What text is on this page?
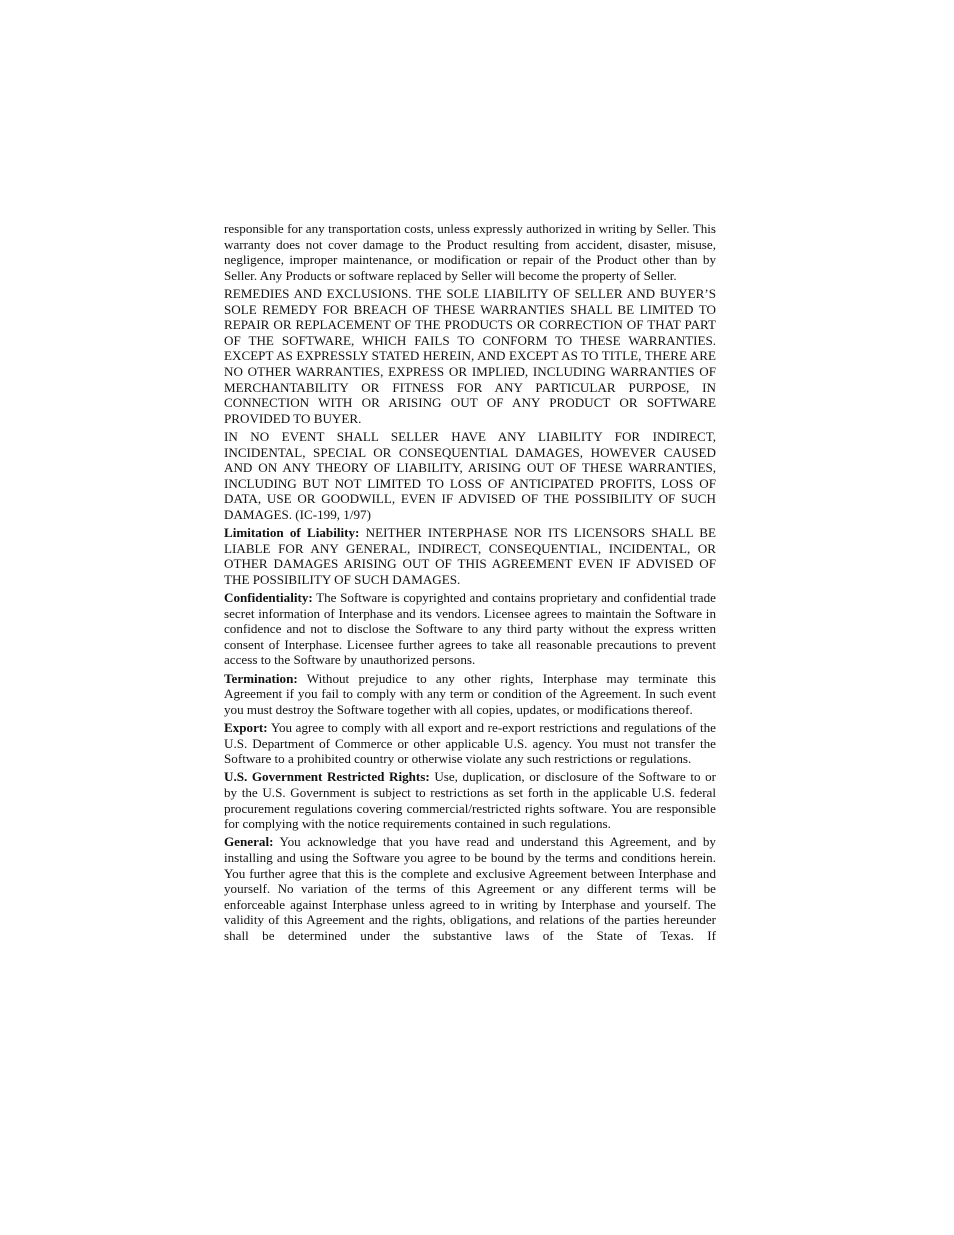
responsible for any transportation costs, unless expressly authorized in writing by Seller. This warranty does not cover damage to the Product resulting from accident, disaster, misuse, negligence, improper maintenance, or modification or repair of the Product other than by Seller. Any Products or software replaced by Seller will become the property of Seller.

REMEDIES AND EXCLUSIONS. THE SOLE LIABILITY OF SELLER AND BUYER’S SOLE REMEDY FOR BREACH OF THESE WARRANTIES SHALL BE LIMITED TO REPAIR OR REPLACEMENT OF THE PRODUCTS OR CORRECTION OF THAT PART OF THE SOFTWARE, WHICH FAILS TO CONFORM TO THESE WARRANTIES. EXCEPT AS EXPRESSLY STATED HEREIN, AND EXCEPT AS TO TITLE, THERE ARE NO OTHER WARRANTIES, EXPRESS OR IMPLIED, INCLUDING WARRANTIES OF MERCHANTABILITY OR FITNESS FOR ANY PARTICULAR PURPOSE, IN CONNECTION WITH OR ARISING OUT OF ANY PRODUCT OR SOFTWARE PROVIDED TO BUYER.

IN NO EVENT SHALL SELLER HAVE ANY LIABILITY FOR INDIRECT, INCIDENTAL, SPECIAL OR CONSEQUENTIAL DAMAGES, HOWEVER CAUSED AND ON ANY THEORY OF LIABILITY, ARISING OUT OF THESE WARRANTIES, INCLUDING BUT NOT LIMITED TO LOSS OF ANTICIPATED PROFITS, LOSS OF DATA, USE OR GOODWILL, EVEN IF ADVISED OF THE POSSIBILITY OF SUCH DAMAGES. (IC-199, 1/97)

Limitation of Liability: NEITHER INTERPHASE NOR ITS LICENSORS SHALL BE LIABLE FOR ANY GENERAL, INDIRECT, CONSEQUENTIAL, INCIDENTAL, OR OTHER DAMAGES ARISING OUT OF THIS AGREEMENT EVEN IF ADVISED OF THE POSSIBILITY OF SUCH DAMAGES.

Confidentiality: The Software is copyrighted and contains proprietary and confidential trade secret information of Interphase and its vendors. Licensee agrees to maintain the Software in confidence and not to disclose the Software to any third party without the express written consent of Interphase. Licensee further agrees to take all reasonable precautions to prevent access to the Software by unauthorized persons.

Termination: Without prejudice to any other rights, Interphase may terminate this Agreement if you fail to comply with any term or condition of the Agreement. In such event you must destroy the Software together with all copies, updates, or modifications thereof.

Export: You agree to comply with all export and re-export restrictions and regulations of the U.S. Department of Commerce or other applicable U.S. agency. You must not transfer the Software to a prohibited country or otherwise violate any such restrictions or regulations.

U.S. Government Restricted Rights: Use, duplication, or disclosure of the Software to or by the U.S. Government is subject to restrictions as set forth in the applicable U.S. federal procurement regulations covering commercial/restricted rights software. You are responsible for complying with the notice requirements contained in such regulations.

General: You acknowledge that you have read and understand this Agreement, and by installing and using the Software you agree to be bound by the terms and conditions herein. You further agree that this is the complete and exclusive Agreement between Interphase and yourself. No variation of the terms of this Agreement or any different terms will be enforceable against Interphase unless agreed to in writing by Interphase and yourself. The validity of this Agreement and the rights, obligations, and relations of the parties hereunder shall be determined under the substantive laws of the State of Texas. If
